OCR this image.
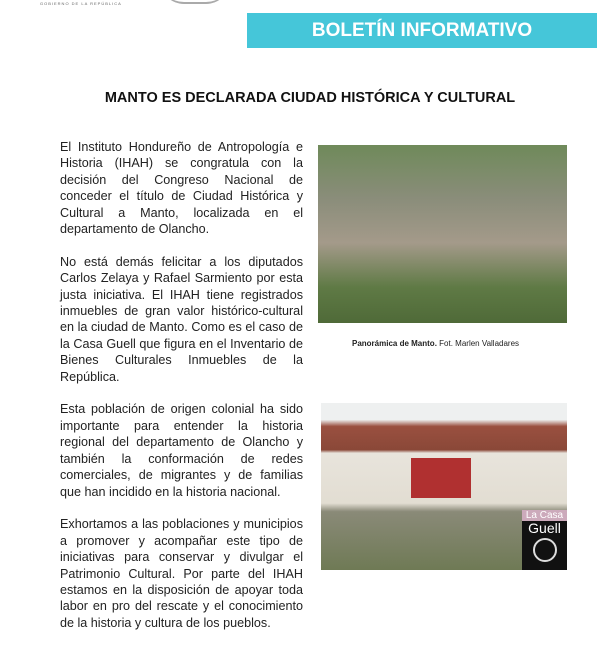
GOBIERNO DE LA REPÚBLICA
BOLETÍN INFORMATIVO
MANTO ES DECLARADA CIUDAD HISTÓRICA Y CULTURAL

El Instituto Hondureño de Antropología e Historia (IHAH) se congratula con la decisión del Congreso Nacional de conceder el título de Ciudad Histórica y Cultural a Manto, localizada en el departamento de Olancho.

No está demás felicitar a los diputados Carlos Zelaya y Rafael Sarmiento por esta justa iniciativa. El IHAH tiene registrados inmuebles de gran valor histórico-cultural en la ciudad de Manto. Como es el caso de la Casa Guell que figura en el Inventario de Bienes Culturales Inmuebles de la República.

Esta población de origen colonial ha sido importante para entender la historia regional del departamento de Olancho y también la conformación de redes comerciales, de migrantes y de familias que han incidido en la historia nacional.

Exhortamos a las poblaciones y municipios a promover y acompañar este tipo de iniciativas para conservar y divulgar el Patrimonio Cultural. Por parte del IHAH estamos en la disposición de apoyar toda labor en pro del rescate y el conocimiento de la historia y cultura de los pueblos.

Panorámica de Manto. Fot. Marlen Valladares
La Casa
Guell
